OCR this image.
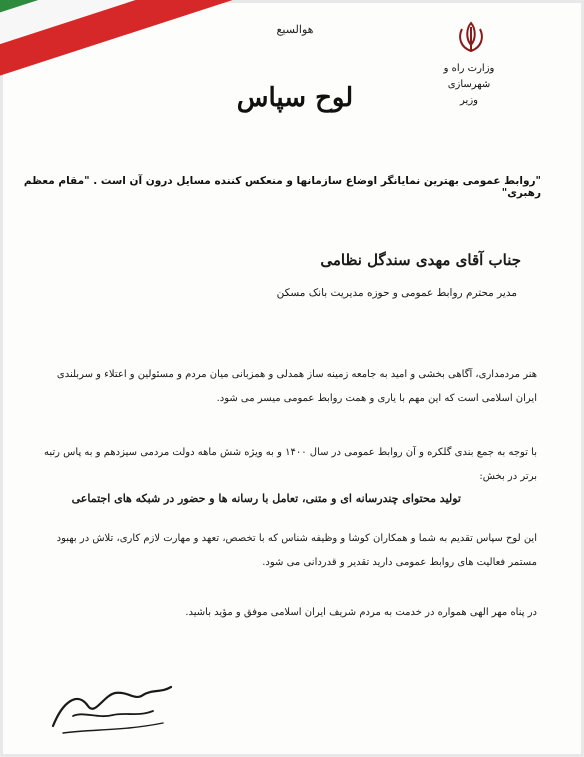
هوالسیع
وزارت راه و شهرسازی
وزیر
لوح سپاس
"روابط عمومی بهترین نمایانگر اوضاع سازمانها و منعکس کننده مسایل درون آن است . "مقام معظم رهبری"
جناب آقای مهدی سندگل نظامی
مدیر محترم روابط عمومی و حوزه مدیریت بانک مسکن
هنر مردمداری، آگاهی بخشی و امید به جامعه زمینه ساز همدلی و همزبانی میان مردم و مسئولین و اعتلاء و سربلندی ایران اسلامی است که این مهم با یاری و همت روابط عمومی میسر می شود.
با توجه به جمع بندی گلکره و آن روابط عمومی در سال ۱۴۰۰ و به ویژه شش ماهه دولت مردمی سیزدهم و به پاس رتبه برتر در بخش:
تولید محتوای چندرسانه ای و متنی، تعامل با رسانه ها و حضور در شبکه های اجتماعی
این لوح سپاس تقدیم به شما و همکاران کوشا و وظیفه شناس که با تخصص، تعهد و مهارت لازم کاری، تلاش در بهبود مستمر فعالیت های روابط عمومی دارید تقدیر و قدردانی می شود.
در پناه مهر الهی همواره در خدمت به مردم شریف ایران اسلامی موفق و مؤید باشید.
